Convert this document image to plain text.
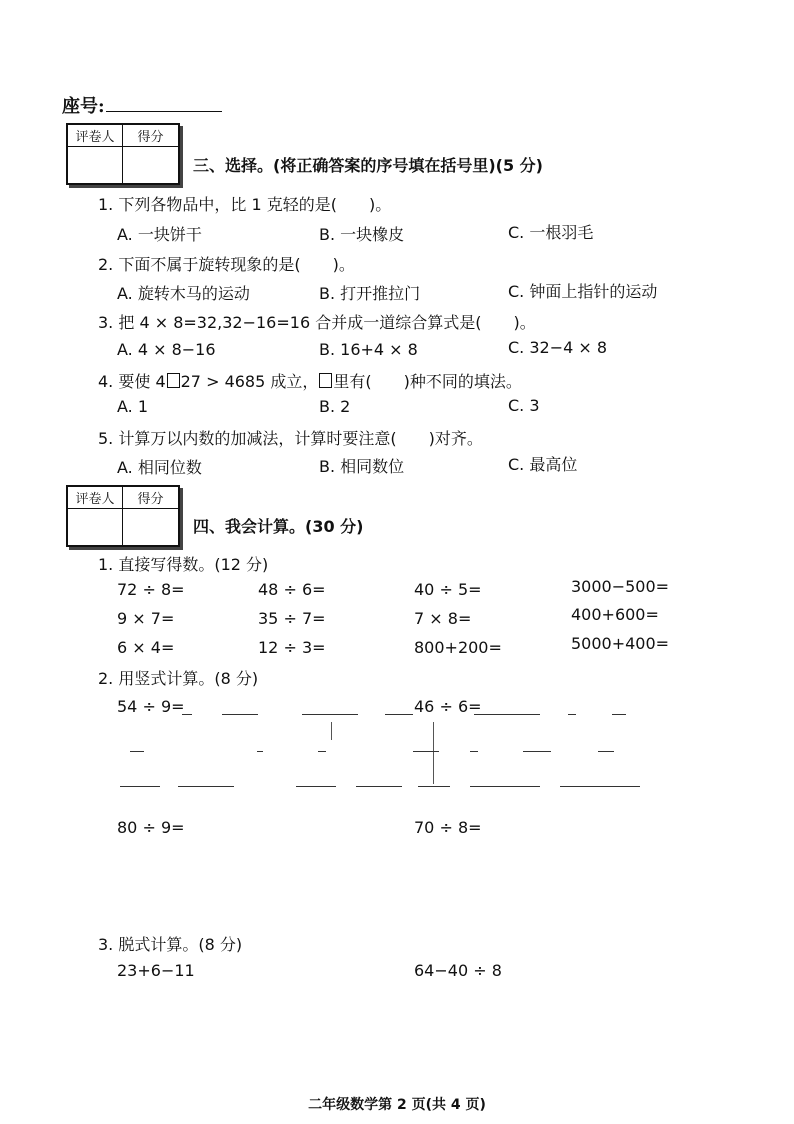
座号:
评卷人	得分
三、选择。(将正确答案的序号填在括号里)(5 分)
1. 下列各物品中，比 1 克轻的是( )。
A. 一块饼干	B. 一块橡皮	C. 一根羽毛
2. 下面不属于旋转现象的是( )。
A. 旋转木马的运动	B. 打开推拉门	C. 钟面上指针的运动
3. 把 4 × 8=32,32−16=16 合并成一道综合算式是( )。
A. 4 × 8−16	B. 16+4 × 8	C. 32−4 × 8
4. 要使 4 27 > 4685 成立， 里有( )种不同的填法。
A. 1	B. 2	C. 3
5. 计算万以内数的加减法，计算时要注意( )对齐。
A. 相同位数	B. 相同数位	C. 最高位
评卷人	得分
四、我会计算。(30 分)
1. 直接写得数。(12 分)
72 ÷ 8=	48 ÷ 6=	40 ÷ 5=	3000−500=
9 × 7=	35 ÷ 7=	7 × 8=	400+600=
6 × 4=	12 ÷ 3=	800+200=	5000+400=
2. 用竖式计算。(8 分)
54 ÷ 9=	46 ÷ 6=
80 ÷ 9=	70 ÷ 8=
3. 脱式计算。(8 分)
23+6−11	64−40 ÷ 8
二年级数学第 2 页(共 4 页)
